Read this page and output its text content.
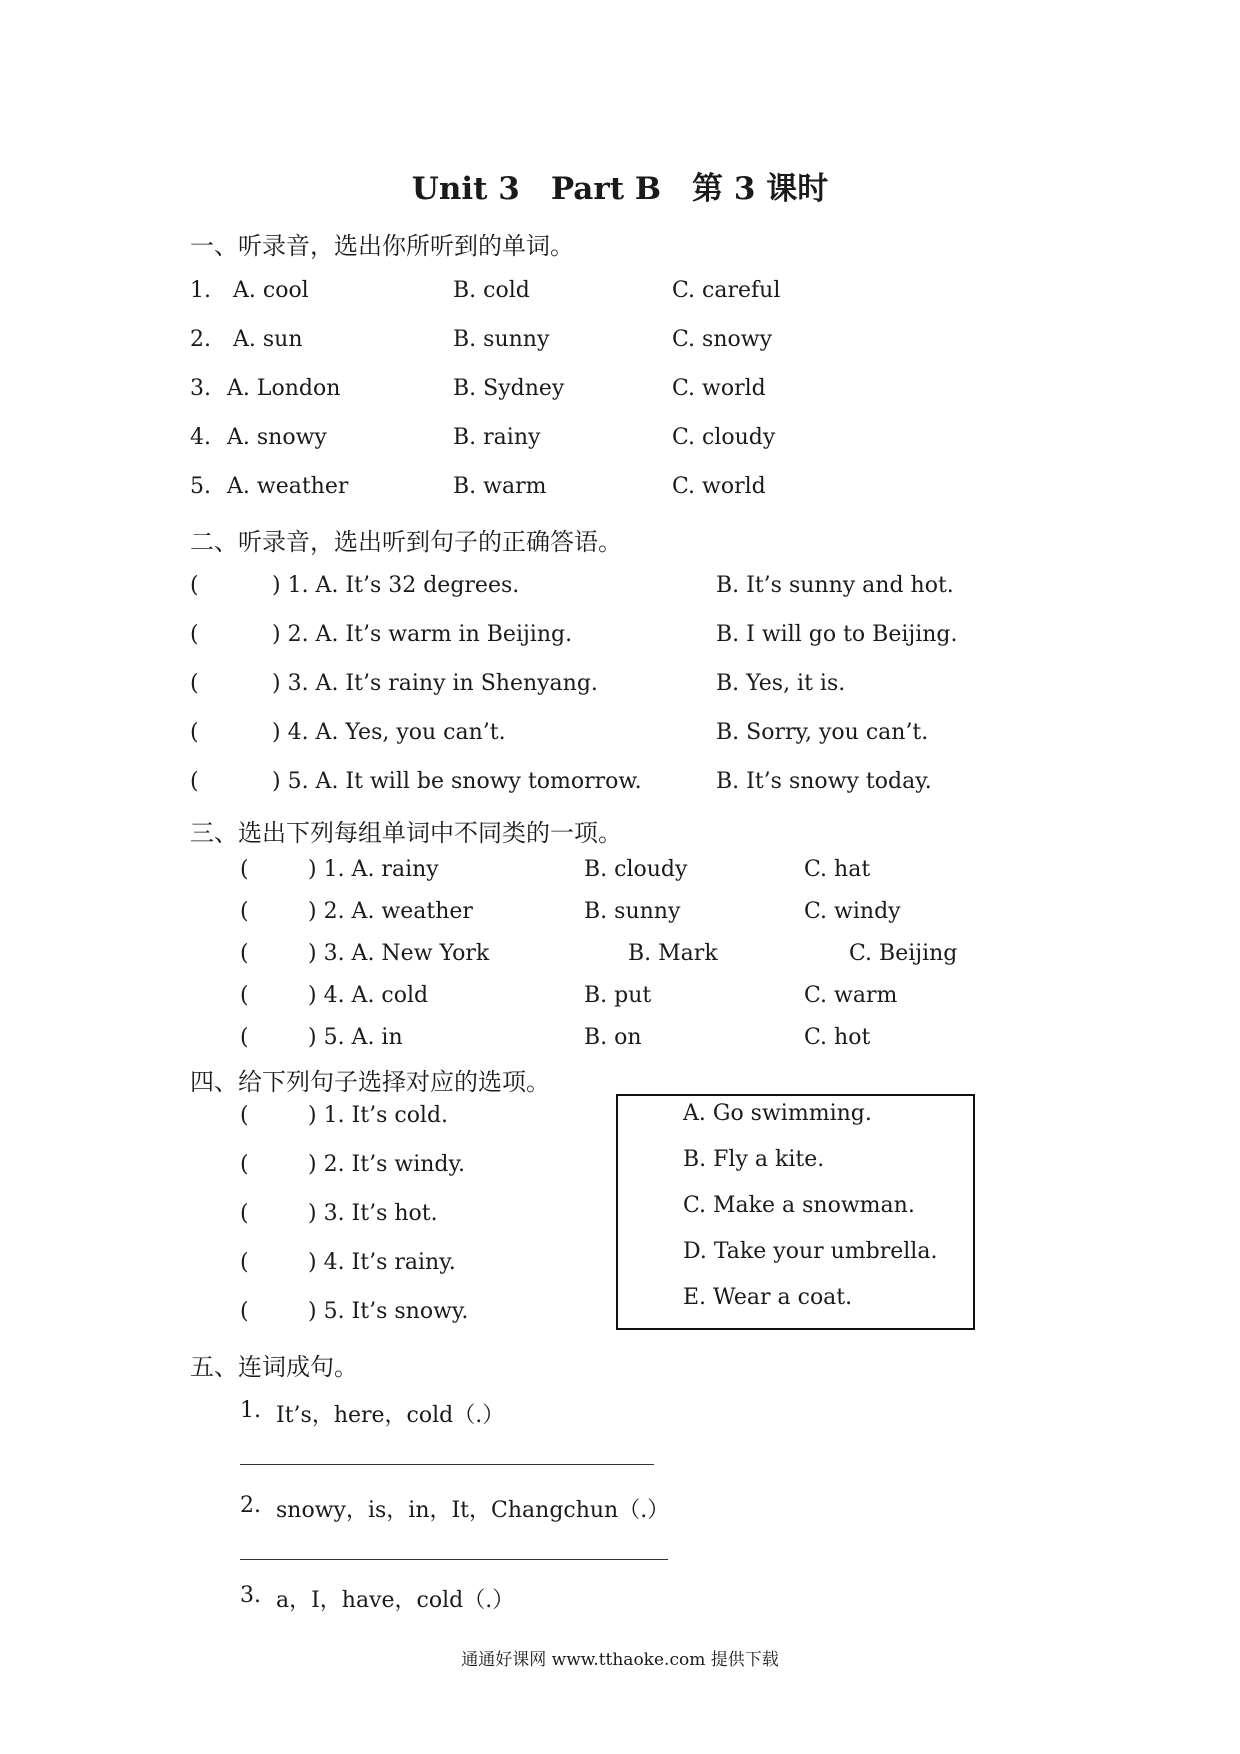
Unit 3　Part B　第 3 课时
一、听录音，选出你所听到的单词。
1. A. cool	B. cold	C. careful
2. A. sun	B. sunny	C. snowy
3. A. London	B. Sydney	C. world
4. A. snowy	B. rainy	C. cloudy
5. A. weather	B. warm	C. world
二、听录音，选出听到句子的正确答语。
(	) 1. A. It’s 32 degrees.	B. It’s sunny and hot.
(	) 2. A. It’s warm in Beijing.	B. I will go to Beijing.
(	) 3. A. It’s rainy in Shenyang.	B. Yes, it is.
(	) 4. A. Yes, you can’t.	B. Sorry, you can’t.
(	) 5. A. It will be snowy tomorrow.	B. It’s snowy today.
三、选出下列每组单词中不同类的一项。
(	) 1. A. rainy	B. cloudy	C. hat
(	) 2. A. weather	B. sunny	C. windy
(	) 3. A. New York	B. Mark	C. Beijing
(	) 4. A. cold	B. put	C. warm
(	) 5. A. in	B. on	C. hot
四、给下列句子选择对应的选项。
(	) 1. It’s cold.
(	) 2. It’s windy.
(	) 3. It’s hot.
(	) 4. It’s rainy.
(	) 5. It’s snowy.
A. Go swimming.
B. Fly a kite.
C. Make a snowman.
D. Take your umbrella.
E. Wear a coat.
五、连词成句。
1. It’s，here，cold（.）
2. snowy，is，in，It，Changchun（.）
3. a，I，have，cold（.）
通通好课网 www.tthaoke.com 提供下载
